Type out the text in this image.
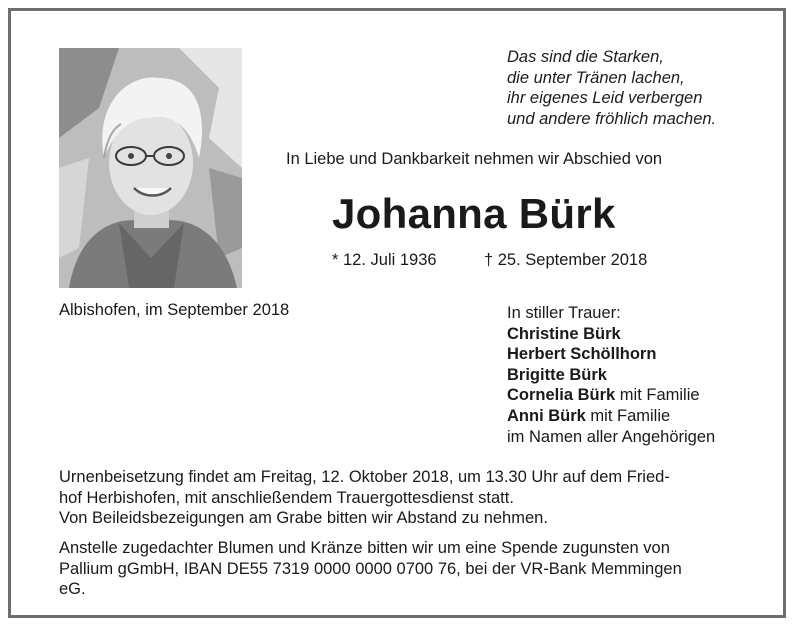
Das sind die Starken,
die unter Tränen lachen,
ihr eigenes Leid verbergen
und andere fröhlich machen.
In Liebe und Dankbarkeit nehmen wir Abschied von
Johanna Bürk
* 12. Juli 1936	† 25. September 2018
Albishofen, im September 2018	In stiller Trauer:
Christine Bürk
Herbert Schöllhorn
Brigitte Bürk
Cornelia Bürk mit Familie
Anni Bürk mit Familie
im Namen aller Angehörigen
Urnenbeisetzung findet am Freitag, 12. Oktober 2018, um 13.30 Uhr auf dem Fried-
hof Herbishofen, mit anschließendem Trauergottesdienst statt.
Von Beileidsbezeigungen am Grabe bitten wir Abstand zu nehmen.
Anstelle zugedachter Blumen und Kränze bitten wir um eine Spende zugunsten von
Pallium gGmbH, IBAN DE55 7319 0000 0000 0700 76, bei der VR-Bank Memmingen
eG.
